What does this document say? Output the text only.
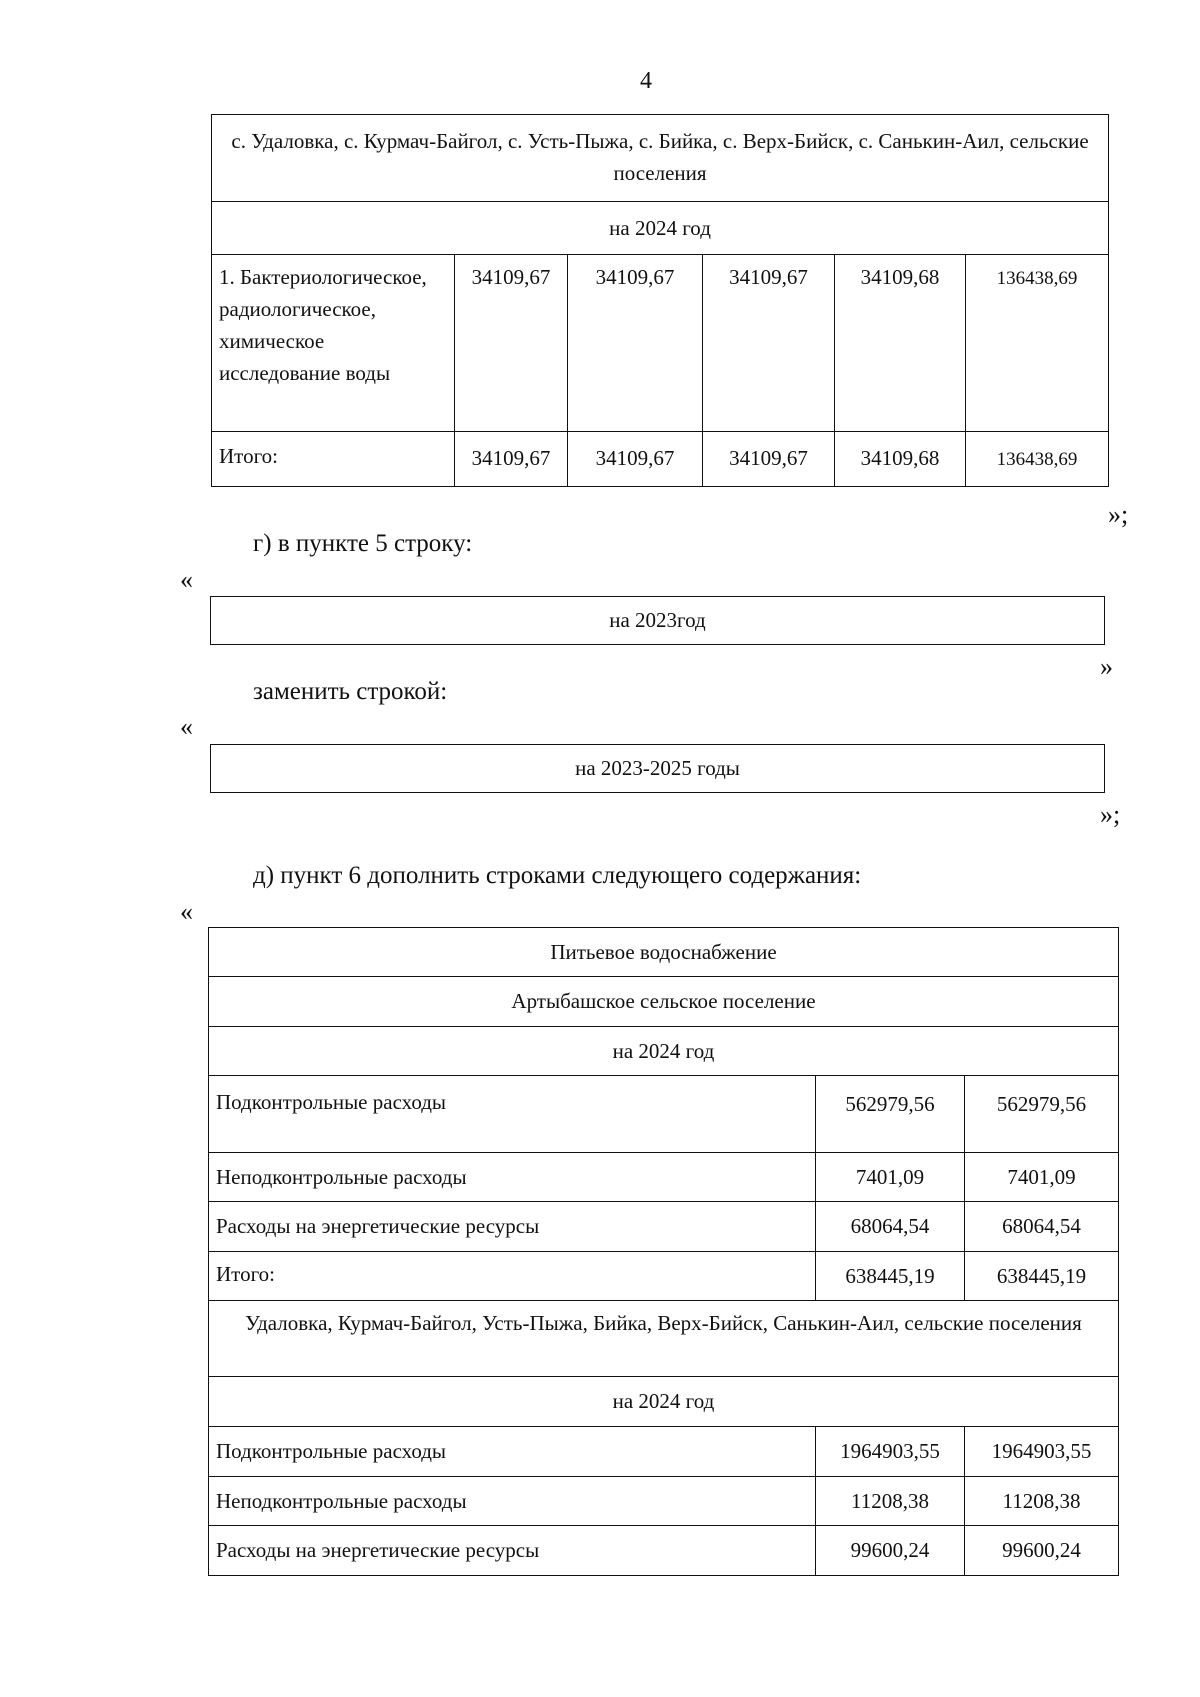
4
с. Удаловка, с. Курмач-Байгол, с. Усть-Пыжа, с. Бийка, с. Верх-Бийск, с. Санькин-Аил, сельские поселения					
на 2024 год					
1. Бактериологическое, радиологическое, химическое исследование воды	34109,67	34109,67	34109,67	34109,68	136438,69
Итого:	34109,67	34109,67	34109,67	34109,68	136438,69
»;
г) в пункте 5 строку:
«
на 2023год
»
заменить строкой:
«
на 2023-2025 годы
»;
д) пункт 6 дополнить строками следующего содержания:
«
Питьевое водоснабжение		
Артыбашское сельское поселение		
на 2024 год		
Подконтрольные расходы	562979,56	562979,56
Неподконтрольные расходы	7401,09	7401,09
Расходы на энергетические ресурсы	68064,54	68064,54
Итого:	638445,19	638445,19
Удаловка, Курмач-Байгол, Усть-Пыжа, Бийка, Верх-Бийск, Санькин-Аил, сельские поселения		
на 2024 год		
Подконтрольные расходы	1964903,55	1964903,55
Неподконтрольные расходы	11208,38	11208,38
Расходы на энергетические ресурсы	99600,24	99600,24
